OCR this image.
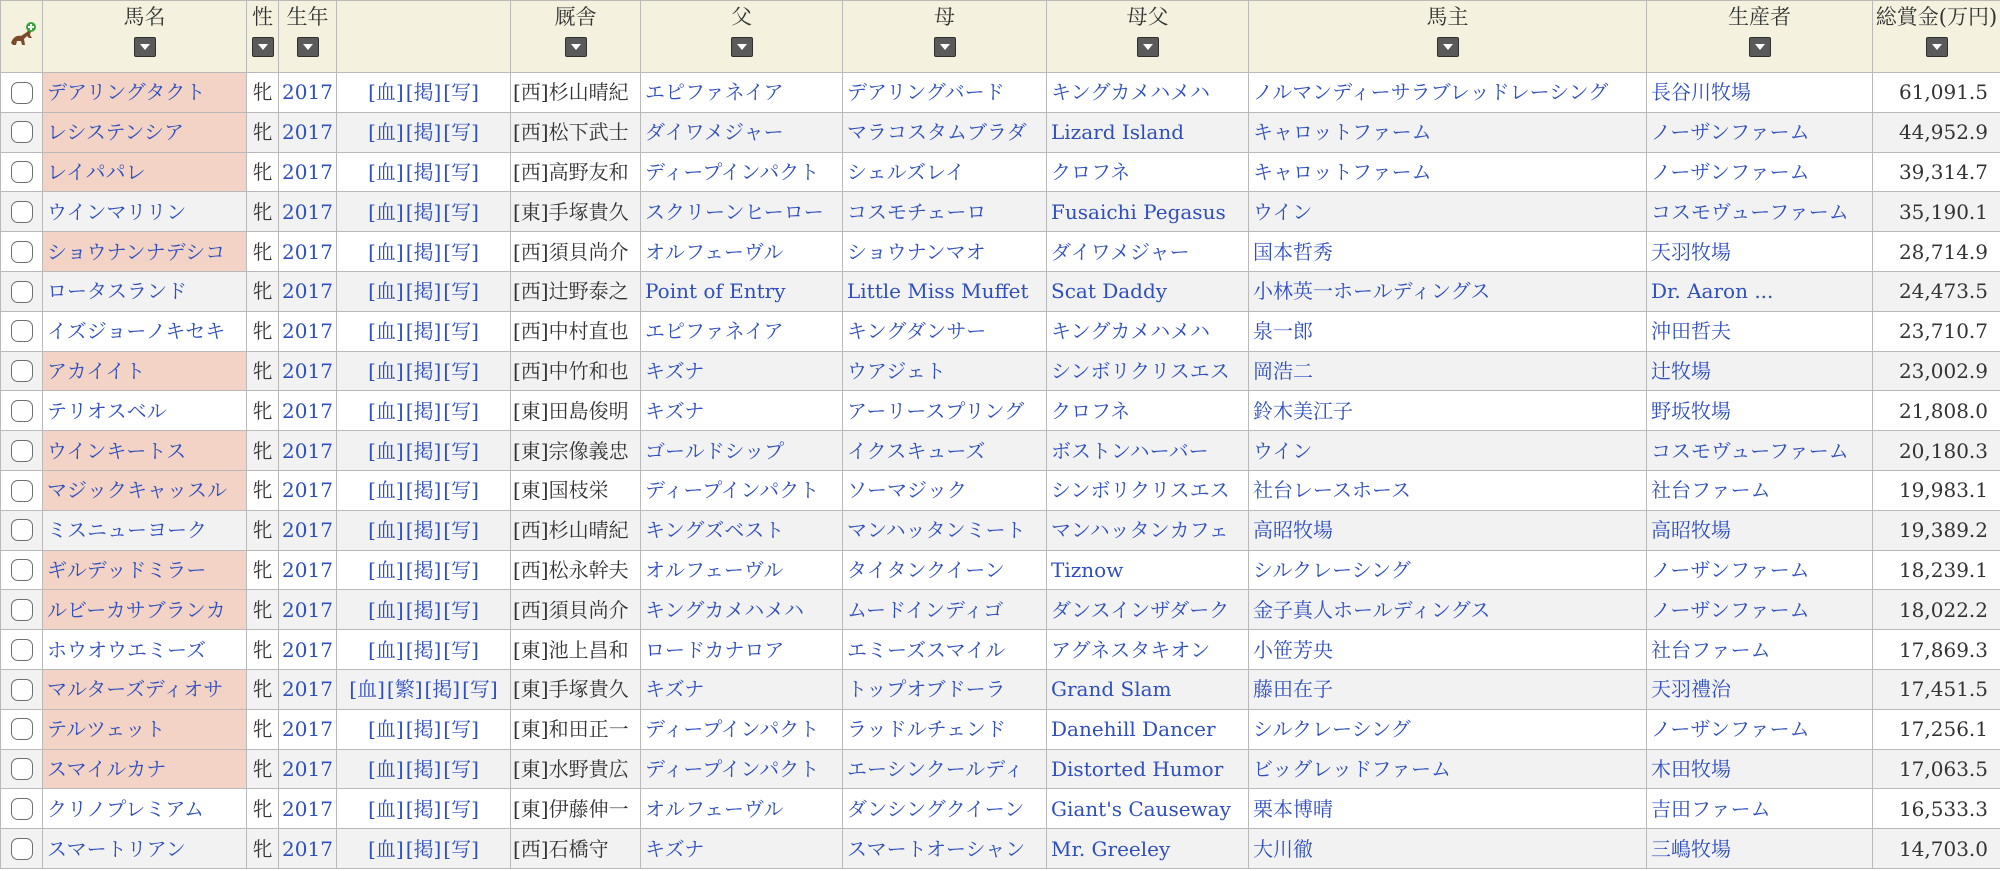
馬名	性	生年		厩舎	父	母	母父	馬主	生産者	総賞金(万円)

	デアリングタクト	牝	2017	[血] [掲] [写]	[西]杉山晴紀	エピファネイア	デアリングバード	キングカメハメハ	ノルマンディーサラブレッドレーシング	長谷川牧場	61,091.5
	レシステンシア	牝	2017	[血] [掲] [写]	[西]松下武士	ダイワメジャー	マラコスタムブラダ	Lizard Island	キャロットファーム	ノーザンファーム	44,952.9
	レイパパレ	牝	2017	[血] [掲] [写]	[西]高野友和	ディープインパクト	シェルズレイ	クロフネ	キャロットファーム	ノーザンファーム	39,314.7
	ウインマリリン	牝	2017	[血] [掲] [写]	[東]手塚貴久	スクリーンヒーロー	コスモチェーロ	Fusaichi Pegasus	ウイン	コスモヴューファーム	35,190.1
	ショウナンナデシコ	牝	2017	[血] [掲] [写]	[西]須貝尚介	オルフェーヴル	ショウナンマオ	ダイワメジャー	国本哲秀	天羽牧場	28,714.9
	ロータスランド	牝	2017	[血] [掲] [写]	[西]辻野泰之	Point of Entry	Little Miss Muffet	Scat Daddy	小林英一ホールディングス	Dr. Aaron ...	24,473.5
	イズジョーノキセキ	牝	2017	[血] [掲] [写]	[西]中村直也	エピファネイア	キングダンサー	キングカメハメハ	泉一郎	沖田哲夫	23,710.7
	アカイイト	牝	2017	[血] [掲] [写]	[西]中竹和也	キズナ	ウアジェト	シンボリクリスエス	岡浩二	辻牧場	23,002.9
	テリオスベル	牝	2017	[血] [掲] [写]	[東]田島俊明	キズナ	アーリースプリング	クロフネ	鈴木美江子	野坂牧場	21,808.0
	ウインキートス	牝	2017	[血] [掲] [写]	[東]宗像義忠	ゴールドシップ	イクスキューズ	ボストンハーバー	ウイン	コスモヴューファーム	20,180.3
	マジックキャッスル	牝	2017	[血] [掲] [写]	[東]国枝栄	ディープインパクト	ソーマジック	シンボリクリスエス	社台レースホース	社台ファーム	19,983.1
	ミスニューヨーク	牝	2017	[血] [掲] [写]	[西]杉山晴紀	キングズベスト	マンハッタンミート	マンハッタンカフェ	高昭牧場	高昭牧場	19,389.2
	ギルデッドミラー	牝	2017	[血] [掲] [写]	[西]松永幹夫	オルフェーヴル	タイタンクイーン	Tiznow	シルクレーシング	ノーザンファーム	18,239.1
	ルビーカサブランカ	牝	2017	[血] [掲] [写]	[西]須貝尚介	キングカメハメハ	ムードインディゴ	ダンスインザダーク	金子真人ホールディングス	ノーザンファーム	18,022.2
	ホウオウエミーズ	牝	2017	[血] [掲] [写]	[東]池上昌和	ロードカナロア	エミーズスマイル	アグネスタキオン	小笹芳央	社台ファーム	17,869.3
	マルターズディオサ	牝	2017	[血] [繁] [掲] [写]	[東]手塚貴久	キズナ	トップオブドーラ	Grand Slam	藤田在子	天羽禮治	17,451.5
	テルツェット	牝	2017	[血] [掲] [写]	[東]和田正一	ディープインパクト	ラッドルチェンド	Danehill Dancer	シルクレーシング	ノーザンファーム	17,256.1
	スマイルカナ	牝	2017	[血] [掲] [写]	[東]水野貴広	ディープインパクト	エーシンクールディ	Distorted Humor	ビッグレッドファーム	木田牧場	17,063.5
	クリノプレミアム	牝	2017	[血] [掲] [写]	[東]伊藤伸一	オルフェーヴル	ダンシングクイーン	Giant's Causeway	栗本博晴	吉田ファーム	16,533.3
	スマートリアン	牝	2017	[血] [掲] [写]	[西]石橋守	キズナ	スマートオーシャン	Mr. Greeley	大川徹	三嶋牧場	14,703.0
